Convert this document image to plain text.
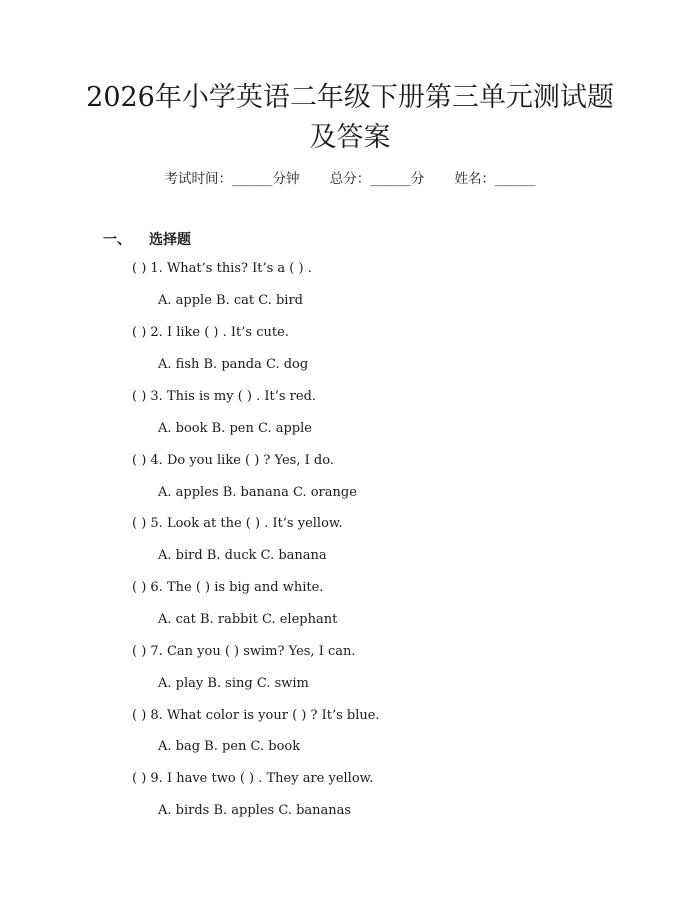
2026年小学英语二年级下册第三单元测试题
及答案
考试时间：______分钟 总分：______分 姓名：______
一、 选择题
( ) 1. What’s this? It’s a ( ) .
A. apple B. cat C. bird
( ) 2. I like ( ) . It’s cute.
A. fish B. panda C. dog
( ) 3. This is my ( ) . It’s red.
A. book B. pen C. apple
( ) 4. Do you like ( ) ? Yes, I do.
A. apples B. banana C. orange
( ) 5. Look at the ( ) . It’s yellow.
A. bird B. duck C. banana
( ) 6. The ( ) is big and white.
A. cat B. rabbit C. elephant
( ) 7. Can you ( ) swim? Yes, I can.
A. play B. sing C. swim
( ) 8. What color is your ( ) ? It’s blue.
A. bag B. pen C. book
( ) 9. I have two ( ) . They are yellow.
A. birds B. apples C. bananas
